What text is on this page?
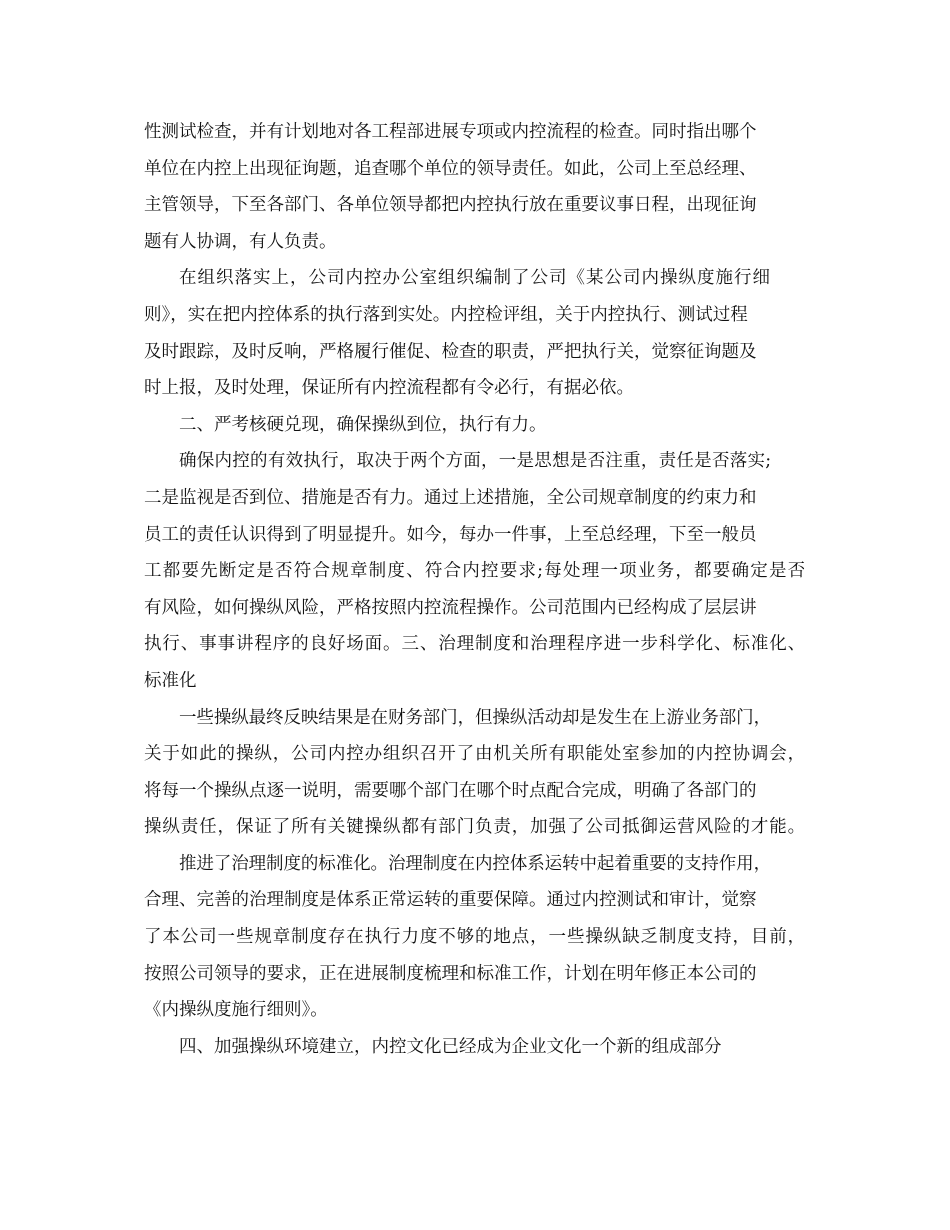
性测试检查，并有计划地对各工程部进展专项或内控流程的检查。同时指出哪个
单位在内控上出现征询题，追查哪个单位的领导责任。如此，公司上至总经理、
主管领导，下至各部门、各单位领导都把内控执行放在重要议事日程，出现征询
题有人协调，有人负责。
在组织落实上，公司内控办公室组织编制了公司《某公司内操纵度施行细
则》，实在把内控体系的执行落到实处。内控检评组，关于内控执行、测试过程
及时跟踪，及时反响，严格履行催促、检查的职责，严把执行关，觉察征询题及
时上报，及时处理，保证所有内控流程都有令必行，有据必依。
二、严考核硬兑现，确保操纵到位，执行有力。
确保内控的有效执行，取决于两个方面，一是思想是否注重，责任是否落实;
二是监视是否到位、措施是否有力。通过上述措施，全公司规章制度的约束力和
员工的责任认识得到了明显提升。如今，每办一件事，上至总经理，下至一般员
工都要先断定是否符合规章制度、符合内控要求;每处理一项业务，都要确定是否
有风险，如何操纵风险，严格按照内控流程操作。公司范围内已经构成了层层讲
执行、事事讲程序的良好场面。三、治理制度和治理程序进一步科学化、标准化、
标准化
一些操纵最终反映结果是在财务部门，但操纵活动却是发生在上游业务部门，
关于如此的操纵，公司内控办组织召开了由机关所有职能处室参加的内控协调会，
将每一个操纵点逐一说明，需要哪个部门在哪个时点配合完成，明确了各部门的
操纵责任，保证了所有关键操纵都有部门负责，加强了公司抵御运营风险的才能。
推进了治理制度的标准化。治理制度在内控体系运转中起着重要的支持作用，
合理、完善的治理制度是体系正常运转的重要保障。通过内控测试和审计，觉察
了本公司一些规章制度存在执行力度不够的地点，一些操纵缺乏制度支持，目前，
按照公司领导的要求，正在进展制度梳理和标准工作，计划在明年修正本公司的
《内操纵度施行细则》。
四、加强操纵环境建立，内控文化已经成为企业文化一个新的组成部分
